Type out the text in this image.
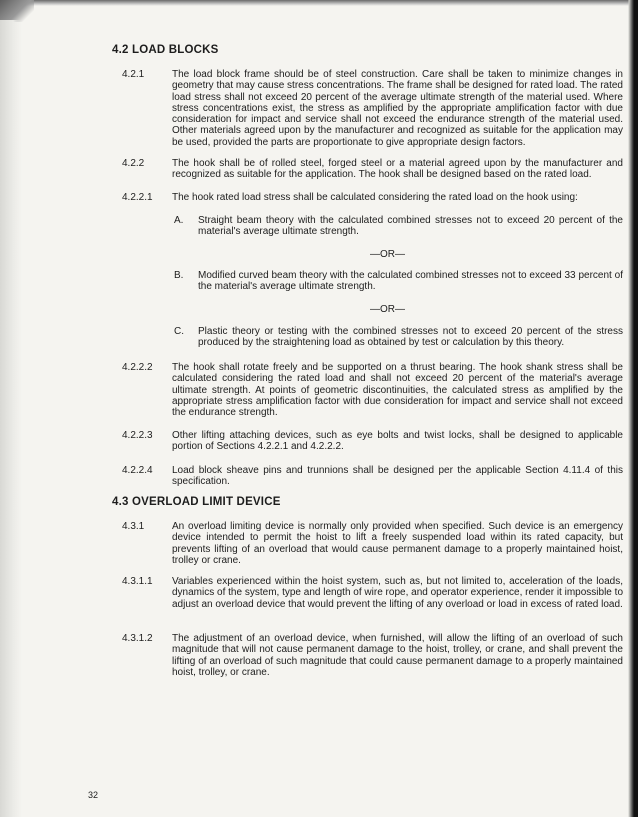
4.2 LOAD BLOCKS
4.2.1	The load block frame should be of steel construction. Care shall be taken to minimize changes in geometry that may cause stress concentrations. The frame shall be designed for rated load. The rated load stress shall not exceed 20 percent of the average ultimate strength of the material used. Where stress concentrations exist, the stress as amplified by the appropriate amplification factor with due consideration for impact and service shall not exceed the endurance strength of the material used. Other materials agreed upon by the manufacturer and recognized as suitable for the application may be used, provided the parts are proportionate to give appropriate design factors.
4.2.2	The hook shall be of rolled steel, forged steel or a material agreed upon by the manufacturer and recognized as suitable for the application. The hook shall be designed based on the rated load.
4.2.2.1 The hook rated load stress shall be calculated considering the rated load on the hook using:
A. Straight beam theory with the calculated combined stresses not to exceed 20 percent of the material's average ultimate strength.
—OR—
B. Modified curved beam theory with the calculated combined stresses not to exceed 33 percent of the material's average ultimate strength.
—OR—
C. Plastic theory or testing with the combined stresses not to exceed 20 percent of the stress produced by the straightening load as obtained by test or calculation by this theory.
4.2.2.2 The hook shall rotate freely and be supported on a thrust bearing. The hook shank stress shall be calculated considering the rated load and shall not exceed 20 percent of the material's average ultimate strength. At points of geometric discontinuities, the calculated stress as amplified by the appropriate stress amplification factor with due consideration for impact and service shall not exceed the endurance strength.
4.2.2.3 Other lifting attaching devices, such as eye bolts and twist locks, shall be designed to applicable portion of Sections 4.2.2.1 and 4.2.2.2.
4.2.2.4 Load block sheave pins and trunnions shall be designed per the applicable Section 4.11.4 of this specification.
4.3 OVERLOAD LIMIT DEVICE
4.3.1	An overload limiting device is normally only provided when specified. Such device is an emergency device intended to permit the hoist to lift a freely suspended load within its rated capacity, but prevents lifting of an overload that would cause permanent damage to a properly maintained hoist, trolley or crane.
4.3.1.1 Variables experienced within the hoist system, such as, but not limited to, acceleration of the loads, dynamics of the system, type and length of wire rope, and operator experience, render it impossible to adjust an overload device that would prevent the lifting of any overload or load in excess of rated load.
4.3.1.2 The adjustment of an overload device, when furnished, will allow the lifting of an overload of such magnitude that will not cause permanent damage to the hoist, trolley, or crane, and shall prevent the lifting of an overload of such magnitude that could cause permanent damage to a properly maintained hoist, trolley, or crane.
32
